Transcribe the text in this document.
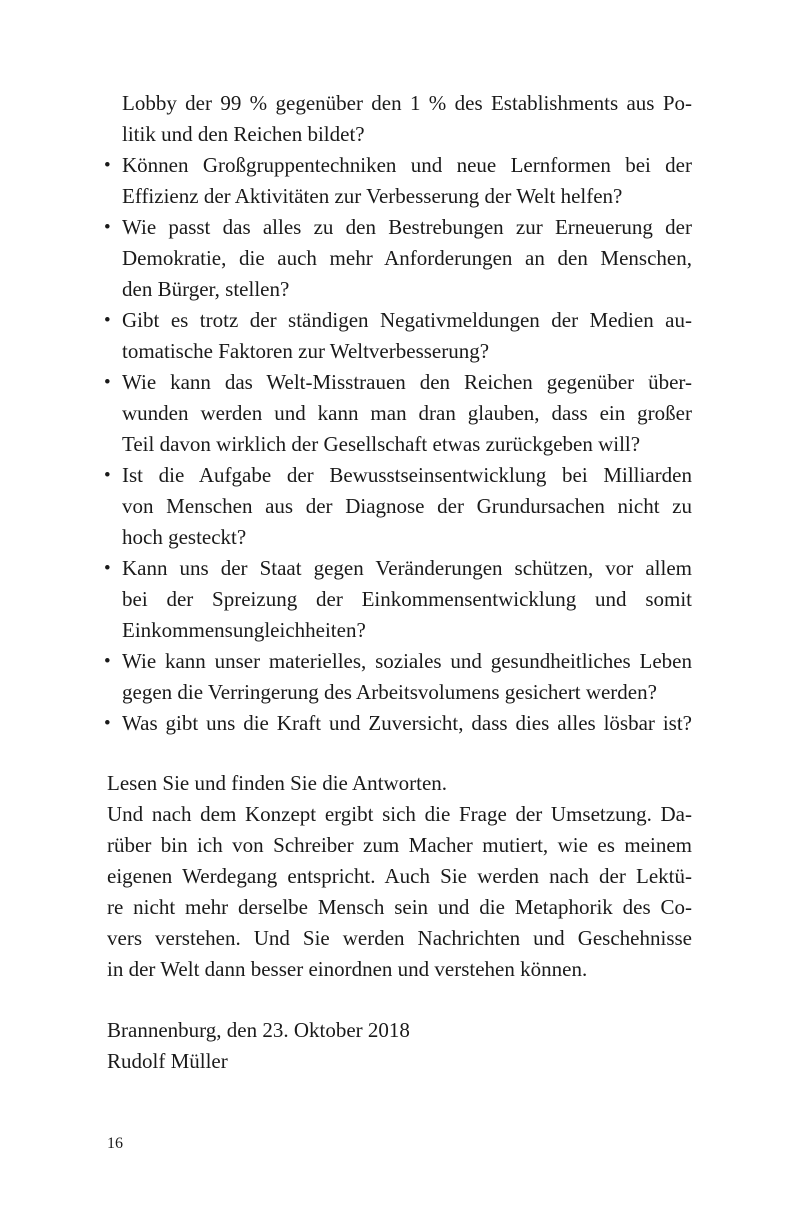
Lobby der 99 % gegenüber den 1 % des Establishments aus Po-
litik und den Reichen bildet?
• Können Großgruppentechniken und neue Lernformen bei der
Effizienz der Aktivitäten zur Verbesserung der Welt helfen?
• Wie passt das alles zu den Bestrebungen zur Erneuerung der
Demokratie, die auch mehr Anforderungen an den Menschen,
den Bürger, stellen?
• Gibt es trotz der ständigen Negativmeldungen der Medien au-
tomatische Faktoren zur Weltverbesserung?
• Wie kann das Welt-Misstrauen den Reichen gegenüber über-
wunden werden und kann man dran glauben, dass ein großer
Teil davon wirklich der Gesellschaft etwas zurückgeben will?
• Ist die Aufgabe der Bewusstseinsentwicklung bei Milliarden
von Menschen aus der Diagnose der Grundursachen nicht zu
hoch gesteckt?
• Kann uns der Staat gegen Veränderungen schützen, vor allem
bei der Spreizung der Einkommensentwicklung und somit
Einkommensungleichheiten?
• Wie kann unser materielles, soziales und gesundheitliches Leben
gegen die Verringerung des Arbeitsvolumens gesichert werden?
• Was gibt uns die Kraft und Zuversicht, dass dies alles lösbar ist?
Lesen Sie und finden Sie die Antworten.
Und nach dem Konzept ergibt sich die Frage der Umsetzung. Da-
rüber bin ich von Schreiber zum Macher mutiert, wie es meinem
eigenen Werdegang entspricht. Auch Sie werden nach der Lektü-
re nicht mehr derselbe Mensch sein und die Metaphorik des Co-
vers verstehen. Und Sie werden Nachrichten und Geschehnisse
in der Welt dann besser einordnen und verstehen können.
Brannenburg, den 23. Oktober 2018
Rudolf Müller
16
